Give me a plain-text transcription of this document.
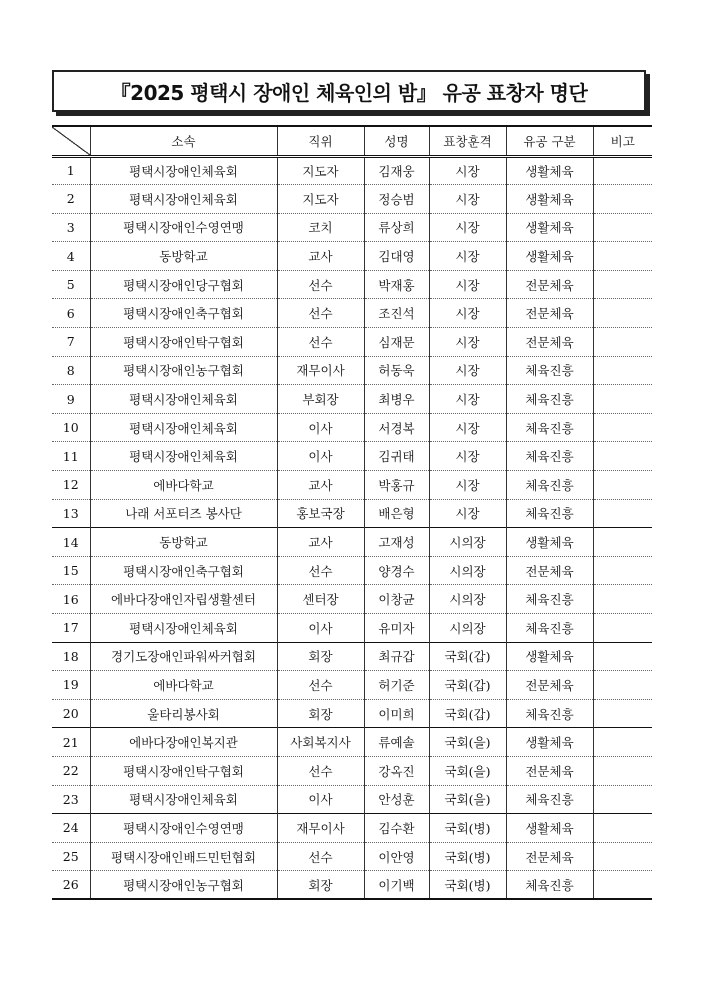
『2025 평택시 장애인 체육인의 밤』 유공 표창자 명단
	소속	직위	성명	표창훈격	유공 구분	비고
1	평택시장애인체육회	지도자	김재웅	시장	생활체육	
2	평택시장애인체육회	지도자	정승범	시장	생활체육	
3	평택시장애인수영연맹	코치	류상희	시장	생활체육	
4	동방학교	교사	김대영	시장	생활체육	
5	평택시장애인당구협회	선수	박재홍	시장	전문체육	
6	평택시장애인축구협회	선수	조진석	시장	전문체육	
7	평택시장애인탁구협회	선수	심재문	시장	전문체육	
8	평택시장애인농구협회	재무이사	허동욱	시장	체육진흥	
9	평택시장애인체육회	부회장	최병우	시장	체육진흥	
10	평택시장애인체육회	이사	서경복	시장	체육진흥	
11	평택시장애인체육회	이사	김귀태	시장	체육진흥	
12	에바다학교	교사	박홍규	시장	체육진흥	
13	나래 서포터즈 봉사단	홍보국장	배은형	시장	체육진흥	
14	동방학교	교사	고재성	시의장	생활체육	
15	평택시장애인축구협회	선수	양경수	시의장	전문체육	
16	에바다장애인자립생활센터	센터장	이창균	시의장	체육진흥	
17	평택시장애인체육회	이사	유미자	시의장	체육진흥	
18	경기도장애인파워싸커협회	회장	최규갑	국회(갑)	생활체육	
19	에바다학교	선수	허기준	국회(갑)	전문체육	
20	울타리봉사회	회장	이미희	국회(갑)	체육진흥	
21	에바다장애인복지관	사회복지사	류예솔	국회(을)	생활체육	
22	평택시장애인탁구협회	선수	강옥진	국회(을)	전문체육	
23	평택시장애인체육회	이사	안성훈	국회(을)	체육진흥	
24	평택시장애인수영연맹	재무이사	김수환	국회(병)	생활체육	
25	평택시장애인배드민턴협회	선수	이안영	국회(병)	전문체육	
26	평택시장애인농구협회	회장	이기백	국회(병)	체육진흥	
